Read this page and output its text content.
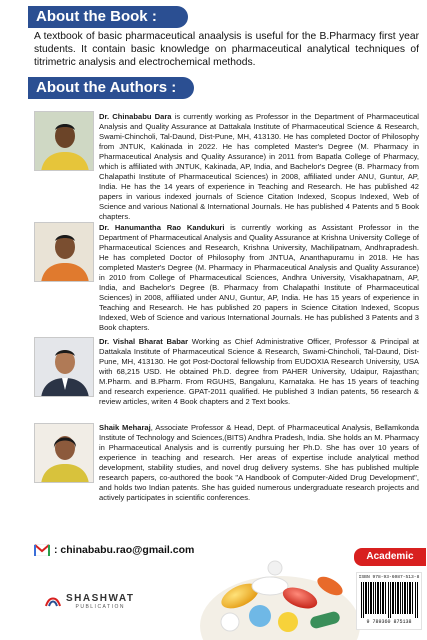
About the Book :

A textbook of basic pharmaceutical anaalysis is useful for the B.Pharmacy first year students. It contain basic knowledge on pharmaceutical analytical techniques of titrimetric analysis and electrochemical methods.

About the Authors :

Dr. Chinababu Dara is currently working as Professor in the Department of Pharmaceutical Analysis and Quality Assurance at Dattakala Institute of Pharmaceutical Science & Research, Swami-Chincholi, Tal-Daund, Dist-Pune, MH, 413130. He has completed Doctor of Philosophy from JNTUK, Kakinada in 2022. He has completed Master's Degree (M. Pharmacy in Pharmaceutical Analysis and Quality Assurance) in 2011 from Bapatla College of Pharmacy, which is affiliated with JNTUK, Kakinada, AP, India, and Bachelor's Degree (B. Pharmacy from Chalapathi Institute of Pharmaceutical Sciences) in 2008, affiliated under ANU, Guntur, AP, India. He has the 14 years of experience in Teaching and Research. He has published 42 papers in various indexed journals of Science Citation Indexed, Scopus Indexed, Web of Science and various National & International Journals. He has published 4 Patents and 5 Book chapters.

Dr. Hanumantha Rao Kandukuri is currently working as Assistant Professor in the Department of Pharmaceutical Analysis and Quality Assurance at Krishna University College of Pharmaceutical Sciences and Research, Krishna University, Machilipatnam, Andhrapradesh. He has completed Doctor of Philosophy from JNTUA, Ananthapuramu in 2018. He has completed Master's Degree (M. Pharmacy in Pharmaceutical Analysis and Quality Assurance) in 2010 from College of Pharmaceutical Sciences, Andhra University, Visakhapatnam, AP, India, and Bachelor's Degree (B. Pharmacy from Chalapathi Institute of Pharmaceutical Sciences) in 2008, affiliated under ANU, Guntur, AP, India. He has 15 years of experience in Teaching and Research. He has published 20 papers in Science Citation Indexed, Scopus Indexed, Web of Science and various International Journals. He has published 3 Patents and 3 Book chapters.

Dr. Vishal Bharat Babar Working as Chief Administrative Officer, Professor & Principal at Dattakala Institute of Pharmaceutical Science & Research, Swami-Chincholi, Tal-Daund, Dist-Pune, MH, 413130. He got Post-Doctoral fellowship from EUDOXIA Research University, USA with 68,215 USD. He obtained Ph.D. degree from PAHER University, Udaipur, Rajasthan; M.Pharm. and B.Pharm. From RGUHS, Bangaluru, Karnataka. He has 15 years of teaching and research experience. GPAT-2011 qualified. He published 3 Indian patents, 56 research & review articles, writen 4 Book chapters and 2 Text books.

Shaik Meharaj, Associate Professor & Head, Dept. of Pharmaceutical Analysis, Bellamkonda Institute of Technology and Sciences,(BITS) Andhra Pradesh, India. She holds an M. Pharmacy in Pharmaceutical Analysis and is currently pursuing her Ph.D. She has over 10 years of experience in teaching and research. Her areas of expertise include analytical method development, stability studies, and novel drug delivery systems. She has published multiple research papers, co-authored the book "A Handbook of Computer-Aided Drug Development", and holds two Indian patents. She has guided numerous undergraduate research projects and actively participates in scientific conferences.

: chinababu.rao@gmail.com
Academic
SHASHWAT
PUBLICATION
ISBN 978-93-6087-513-8
9 789360 875138
